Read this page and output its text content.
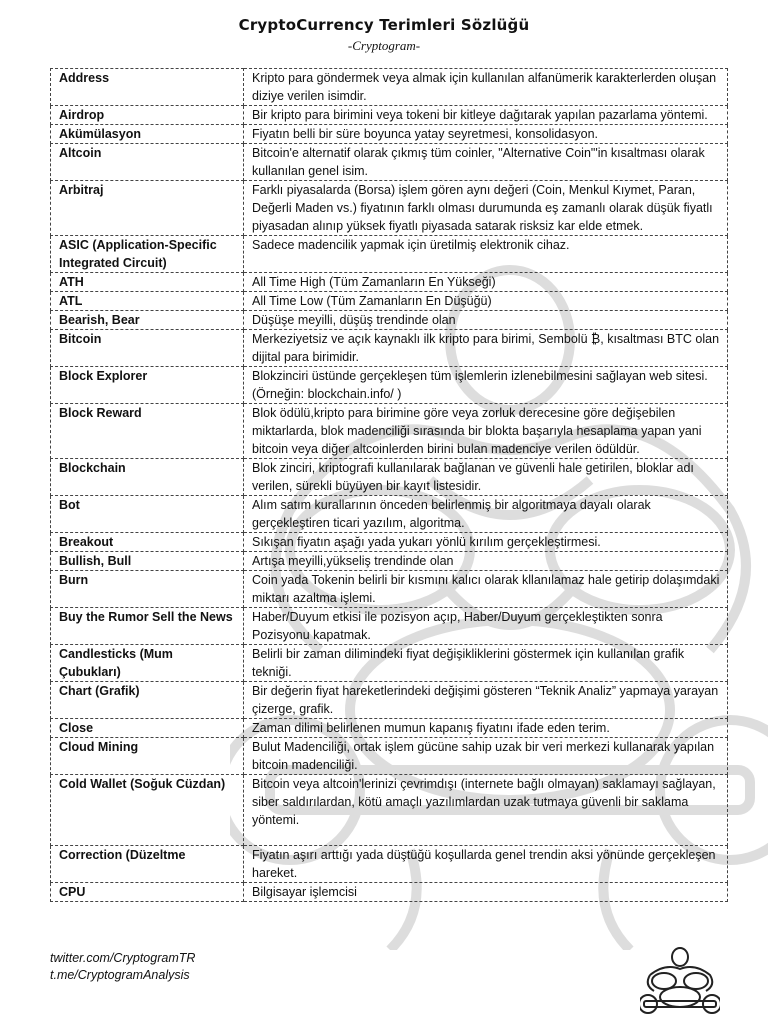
CryptoCurrency Terimleri Sözlüğü
-Cryptogram-
Address	Kripto para göndermek veya almak için kullanılan alfanümerik karakterlerden oluşan diziye verilen isimdir.
Airdrop	Bir kripto para birimini veya tokeni bir kitleye dağıtarak yapılan pazarlama yöntemi.
Akümülasyon	Fiyatın belli bir süre boyunca yatay seyretmesi, konsolidasyon.
Altcoin	Bitcoin'e alternatif olarak çıkmış tüm coinler, "Alternative Coin"'in kısaltması olarak kullanılan genel isim.
Arbitraj	Farklı piyasalarda (Borsa) işlem gören aynı değeri (Coin, Menkul Kıymet, Paran, Değerli Maden vs.) fiyatının farklı olması durumunda eş zamanlı olarak düşük fiyatlı piyasadan alınıp yüksek fiyatlı piyasada satarak risksiz kar elde etmek.
ASIC (Application-Specific Integrated Circuit)	Sadece madencilik yapmak için üretilmiş elektronik cihaz.
ATH	All Time High (Tüm Zamanların En Yükseği)
ATL	All Time Low (Tüm Zamanların En Düşüğü)
Bearish, Bear	Düşüşe meyilli, düşüş trendinde olan
Bitcoin	Merkeziyetsiz ve açık kaynaklı ilk kripto para birimi, Sembolü ₿, kısaltması BTC olan dijital para birimidir.
Block Explorer	Blokzinciri üstünde gerçekleşen tüm işlemlerin izlenebilmesini sağlayan web sitesi. (Örneğin: blockchain.info/ )
Block Reward	Blok ödülü,kripto para birimine göre veya zorluk derecesine göre değişebilen miktarlarda, blok madenciliği sırasında bir blokta başarıyla hesaplama yapan yani bitcoin veya diğer altcoinlerden birini bulan madenciye verilen ödüldür.
Blockchain	Blok zinciri, kriptografi kullanılarak bağlanan ve güvenli hale getirilen, bloklar adı verilen, sürekli büyüyen bir kayıt listesidir.
Bot	Alım satım kurallarının önceden belirlenmiş bir algoritmaya dayalı olarak gerçekleştiren ticari yazılım, algoritma.
Breakout	Sıkışan fiyatın aşağı yada yukarı yönlü kırılım gerçekleştirmesi.
Bullish, Bull	Artışa meyilli,yükseliş trendinde olan
Burn	Coin yada Tokenin belirli bir kısmını kalıcı olarak kllanılamaz hale getirip dolaşımdaki miktarı azaltma işlemi.
Buy the Rumor Sell the News	Haber/Duyum etkisi ile pozisyon açıp, Haber/Duyum gerçekleştikten sonra Pozisyonu kapatmak.
Candlesticks (Mum Çubukları)	Belirli bir zaman dilimindeki fiyat değişikliklerini göstermek için kullanılan grafik tekniği.
Chart (Grafik)	Bir değerin fiyat hareketlerindeki değişimi gösteren “Teknik Analiz” yapmaya yarayan çizerge, grafik.
Close	Zaman dilimi belirlenen mumun kapanış fiyatını ifade eden terim.
Cloud Mining	Bulut Madenciliği, ortak işlem gücüne sahip uzak bir veri merkezi kullanarak yapılan bitcoin madenciliği.
Cold Wallet (Soğuk Cüzdan)	Bitcoin veya altcoin'lerinizi çevrimdışı (internete bağlı olmayan) saklamayı sağlayan, siber saldırılardan, kötü amaçlı yazılımlardan uzak tutmaya güvenli bir saklama yöntemi.
Correction (Düzeltme	Fiyatın aşırı arttığı yada düştüğü koşullarda genel trendin aksi yönünde gerçekleşen hareket.
CPU	Bilgisayar işlemcisi
twitter.com/CryptogramTR
t.me/CryptogramAnalysis
